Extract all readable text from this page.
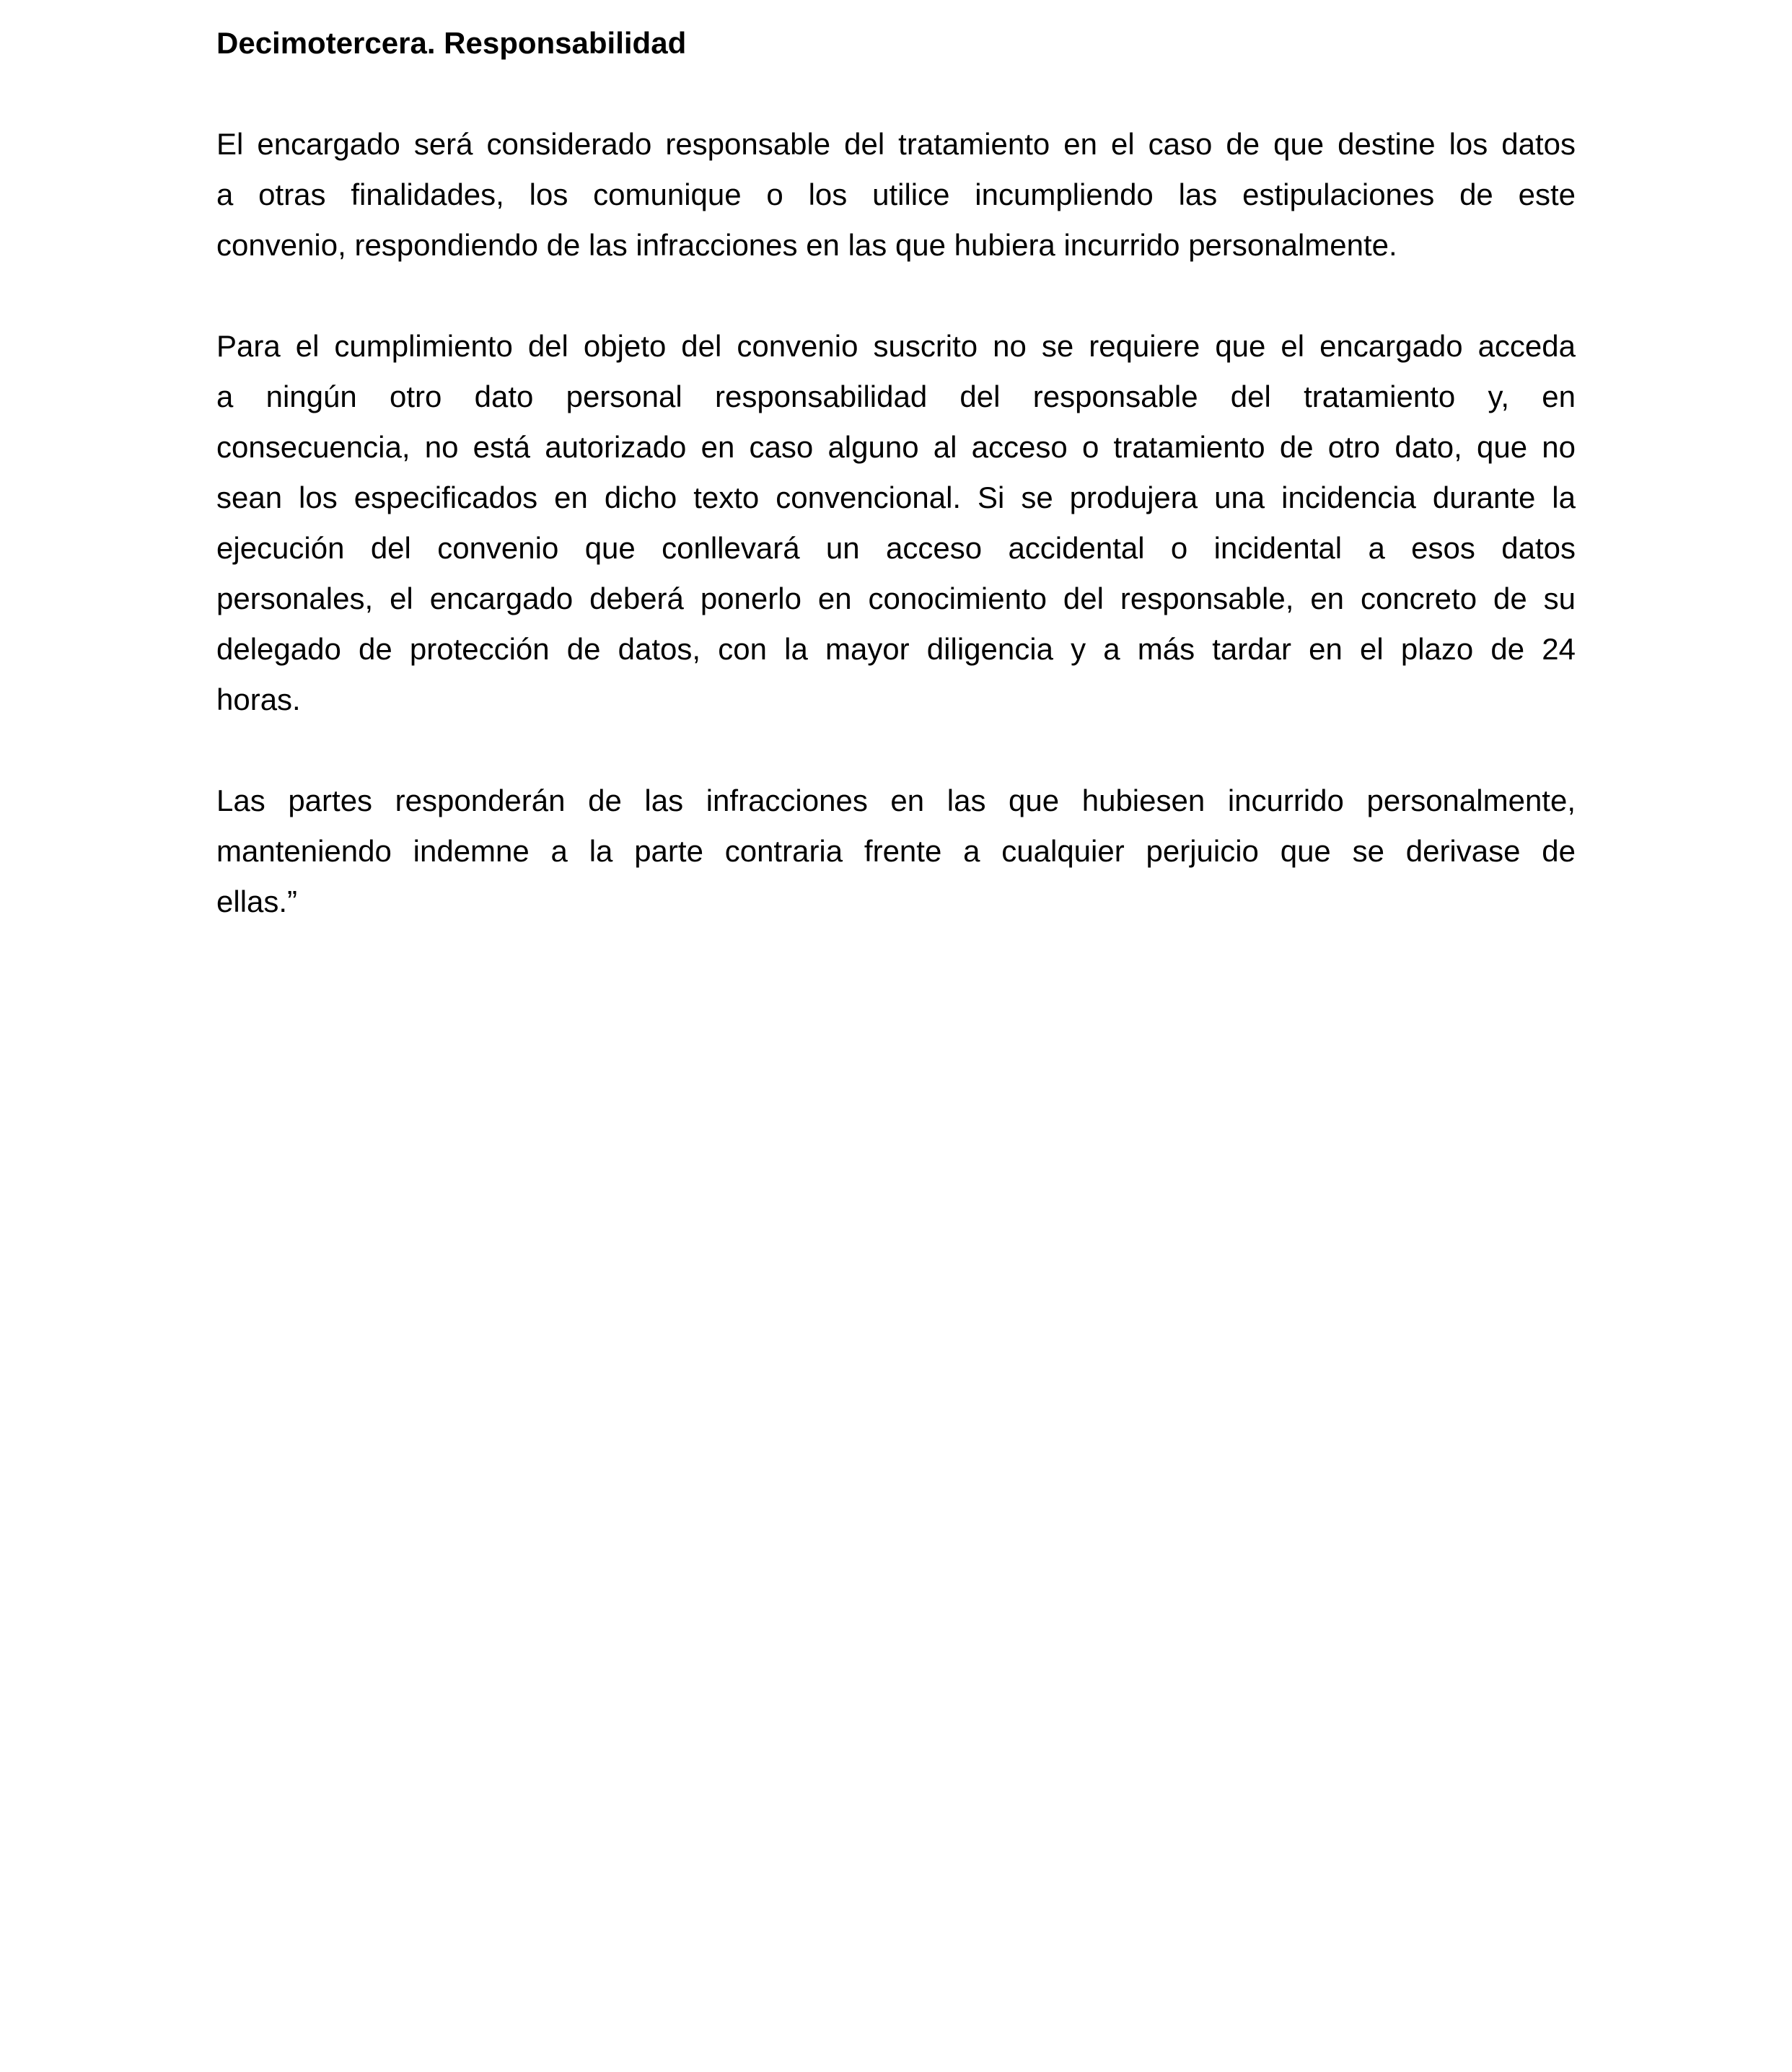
Decimotercera. Responsabilidad
El encargado será considerado responsable del tratamiento en el caso de que destine los datos
a otras finalidades, los comunique o los utilice incumpliendo las estipulaciones de este
convenio, respondiendo de las infracciones en las que hubiera incurrido personalmente.
Para el cumplimiento del objeto del convenio suscrito no se requiere que el encargado acceda
a ningún otro dato personal responsabilidad del responsable del tratamiento y, en
consecuencia, no está autorizado en caso alguno al acceso o tratamiento de otro dato, que no
sean los especificados en dicho texto convencional. Si se produjera una incidencia durante la
ejecución del convenio que conllevará un acceso accidental o incidental a esos datos
personales, el encargado deberá ponerlo en conocimiento del responsable, en concreto de su
delegado de protección de datos, con la mayor diligencia y a más tardar en el plazo de 24
horas.
Las partes responderán de las infracciones en las que hubiesen incurrido personalmente,
manteniendo indemne a la parte contraria frente a cualquier perjuicio que se derivase de
ellas.”
